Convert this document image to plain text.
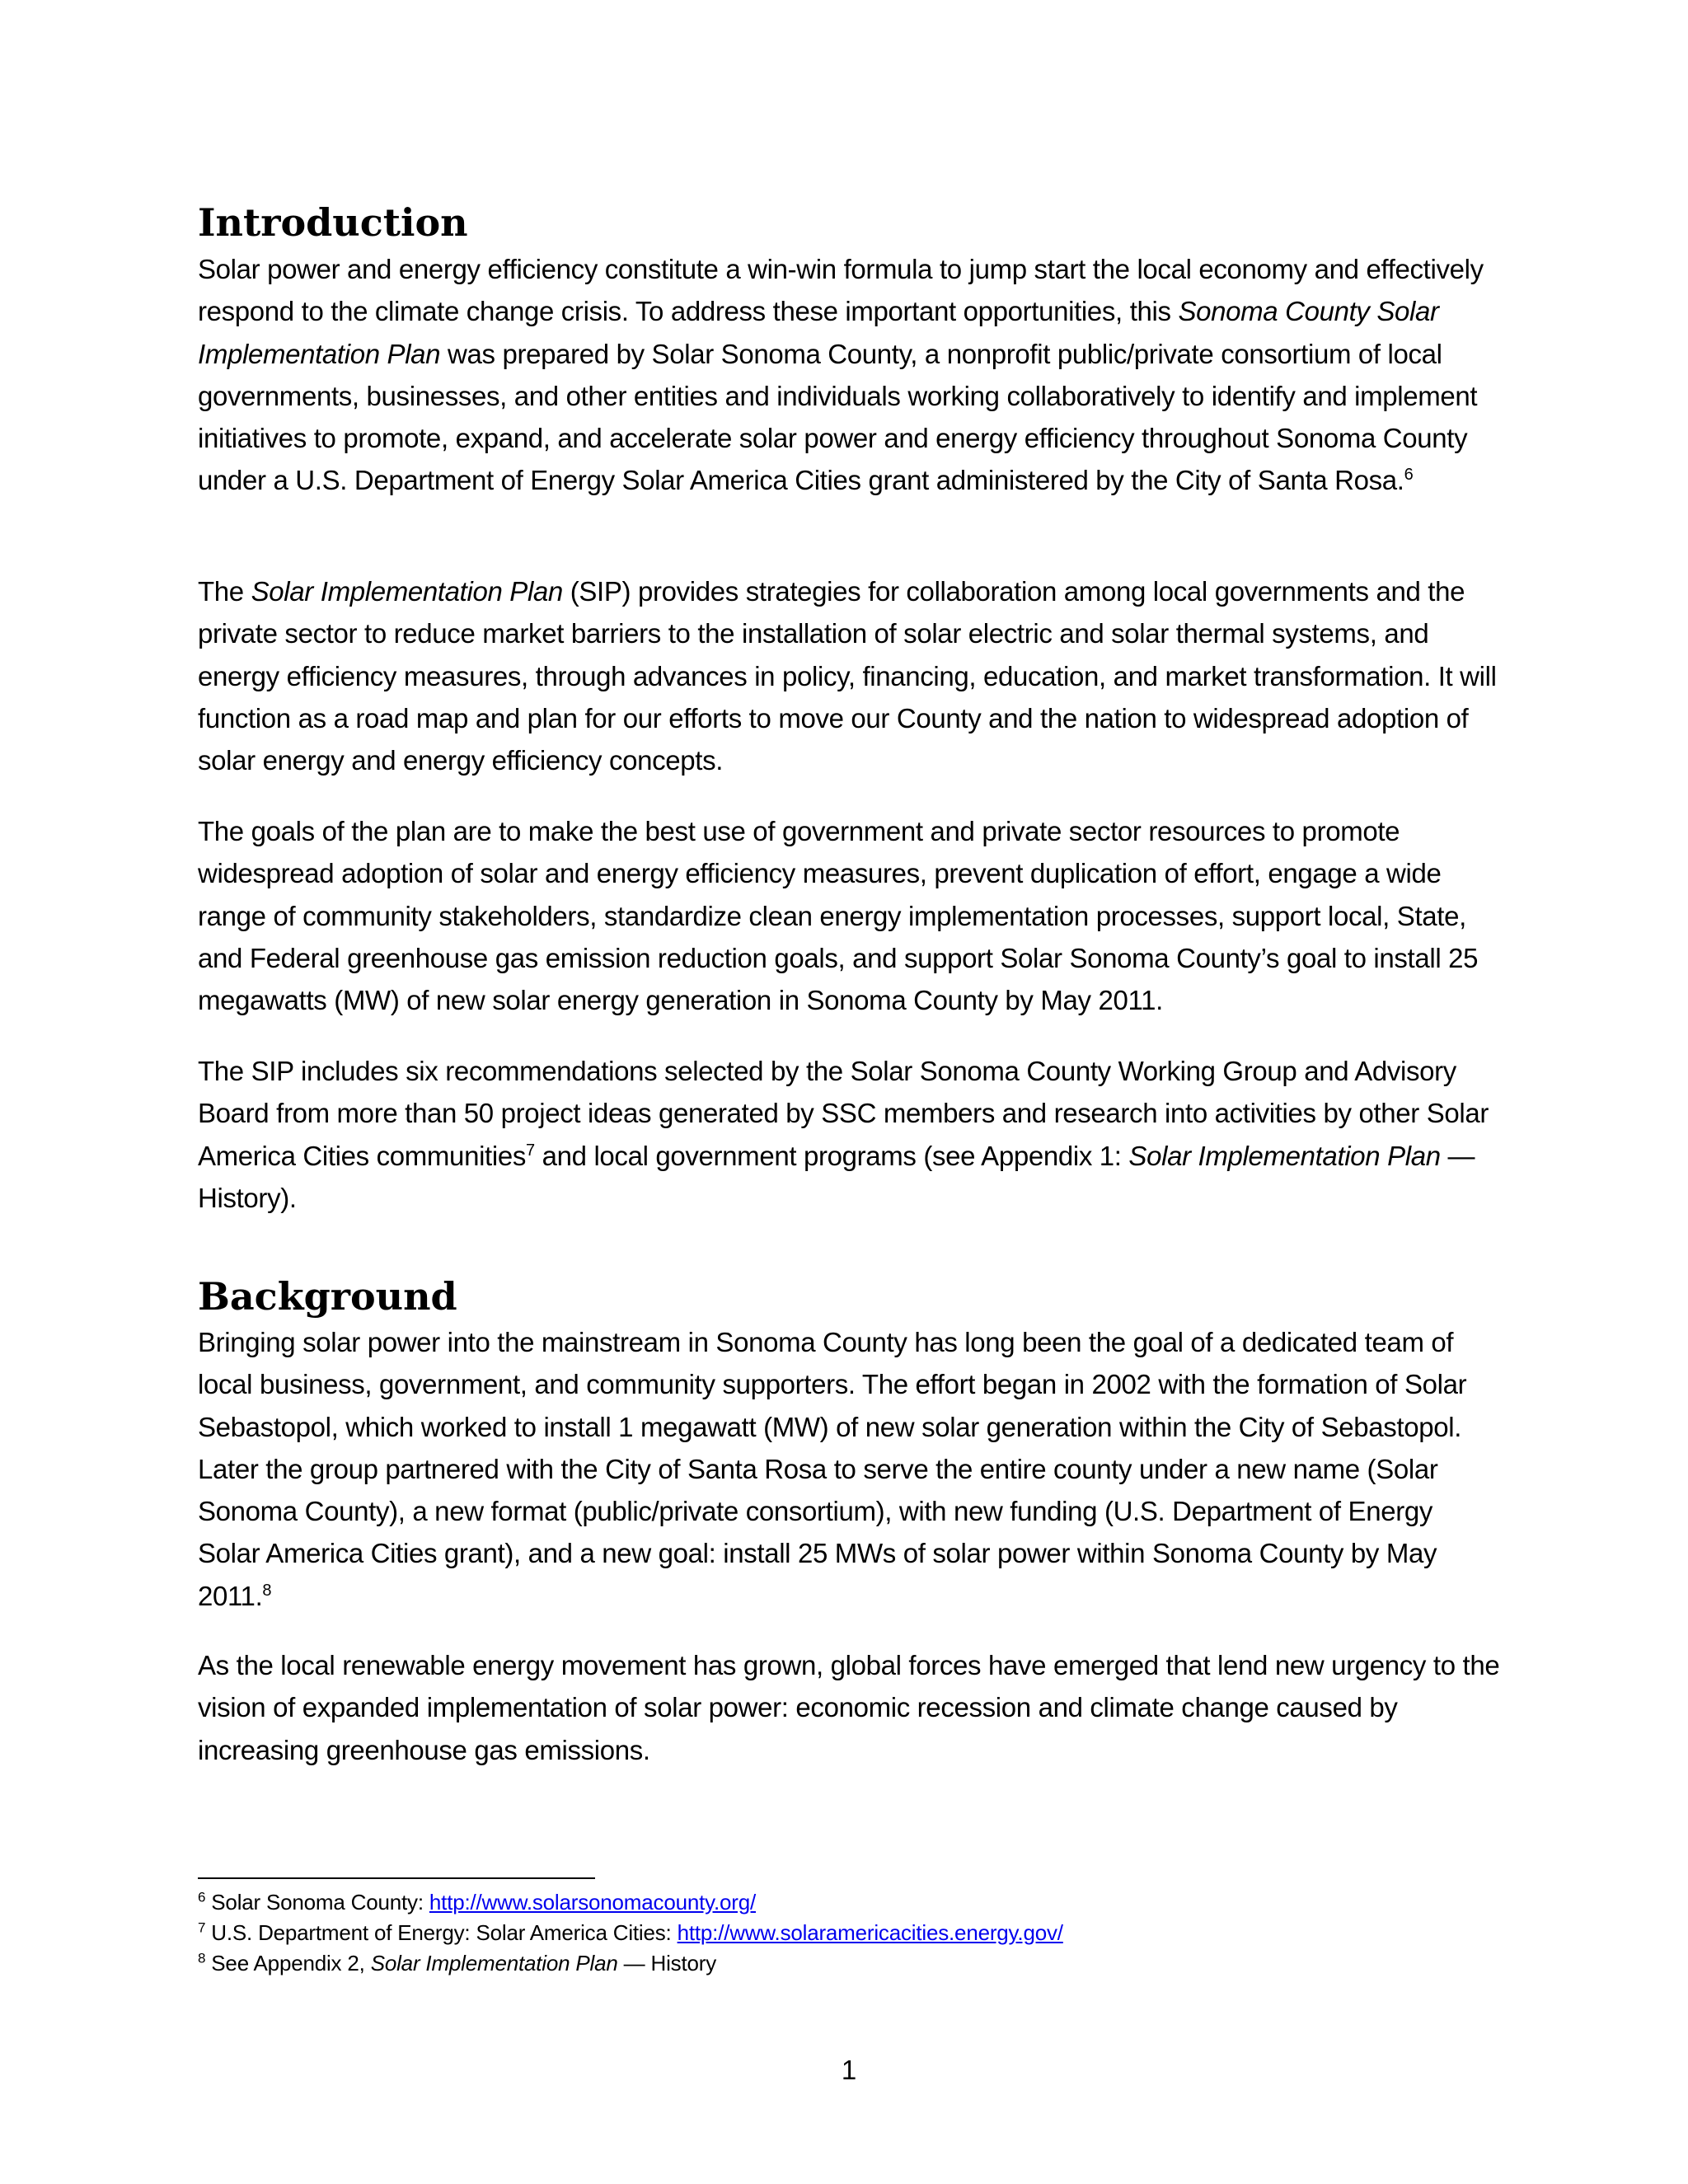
Introduction

Solar power and energy efficiency constitute a win-win formula to jump start the local economy and effectively respond to the climate change crisis. To address these important opportunities, this Sonoma County Solar Implementation Plan was prepared by Solar Sonoma County, a nonprofit public/private consortium of local governments, businesses, and other entities and individuals working collaboratively to identify and implement initiatives to promote, expand, and accelerate solar power and energy efficiency throughout Sonoma County under a U.S. Department of Energy Solar America Cities grant administered by the City of Santa Rosa.$^6$

The Solar Implementation Plan (SIP) provides strategies for collaboration among local governments and the private sector to reduce market barriers to the installation of solar electric and solar thermal systems, and energy efficiency measures, through advances in policy, financing, education, and market transformation. It will function as a road map and plan for our efforts to move our County and the nation to widespread adoption of solar energy and energy efficiency concepts.

The goals of the plan are to make the best use of government and private sector resources to promote widespread adoption of solar and energy efficiency measures, prevent duplication of effort, engage a wide range of community stakeholders, standardize clean energy implementation processes, support local, State, and Federal greenhouse gas emission reduction goals, and support Solar Sonoma County’s goal to install 25 megawatts (MW) of new solar energy generation in Sonoma County by May 2011.

The SIP includes six recommendations selected by the Solar Sonoma County Working Group and Advisory Board from more than 50 project ideas generated by SSC members and research into activities by other Solar America Cities communities$^7$ and local government programs (see Appendix 1: Solar Implementation Plan — History).

Background

Bringing solar power into the mainstream in Sonoma County has long been the goal of a dedicated team of local business, government, and community supporters. The effort began in 2002 with the formation of Solar Sebastopol, which worked to install 1 megawatt (MW) of new solar generation within the City of Sebastopol. Later the group partnered with the City of Santa Rosa to serve the entire county under a new name (Solar Sonoma County), a new format (public/private consortium), with new funding (U.S. Department of Energy Solar America Cities grant), and a new goal: install 25 MWs of solar power within Sonoma County by May 2011.$^8$

As the local renewable energy movement has grown, global forces have emerged that lend new urgency to the vision of expanded implementation of solar power: economic recession and climate change caused by increasing greenhouse gas emissions.

$^6$ Solar Sonoma County: http://www.solarsonomacounty.org/
$^7$ U.S. Department of Energy: Solar America Cities: http://www.solaramericacities.energy.gov/
$^8$ See Appendix 2, Solar Implementation Plan — History
1
